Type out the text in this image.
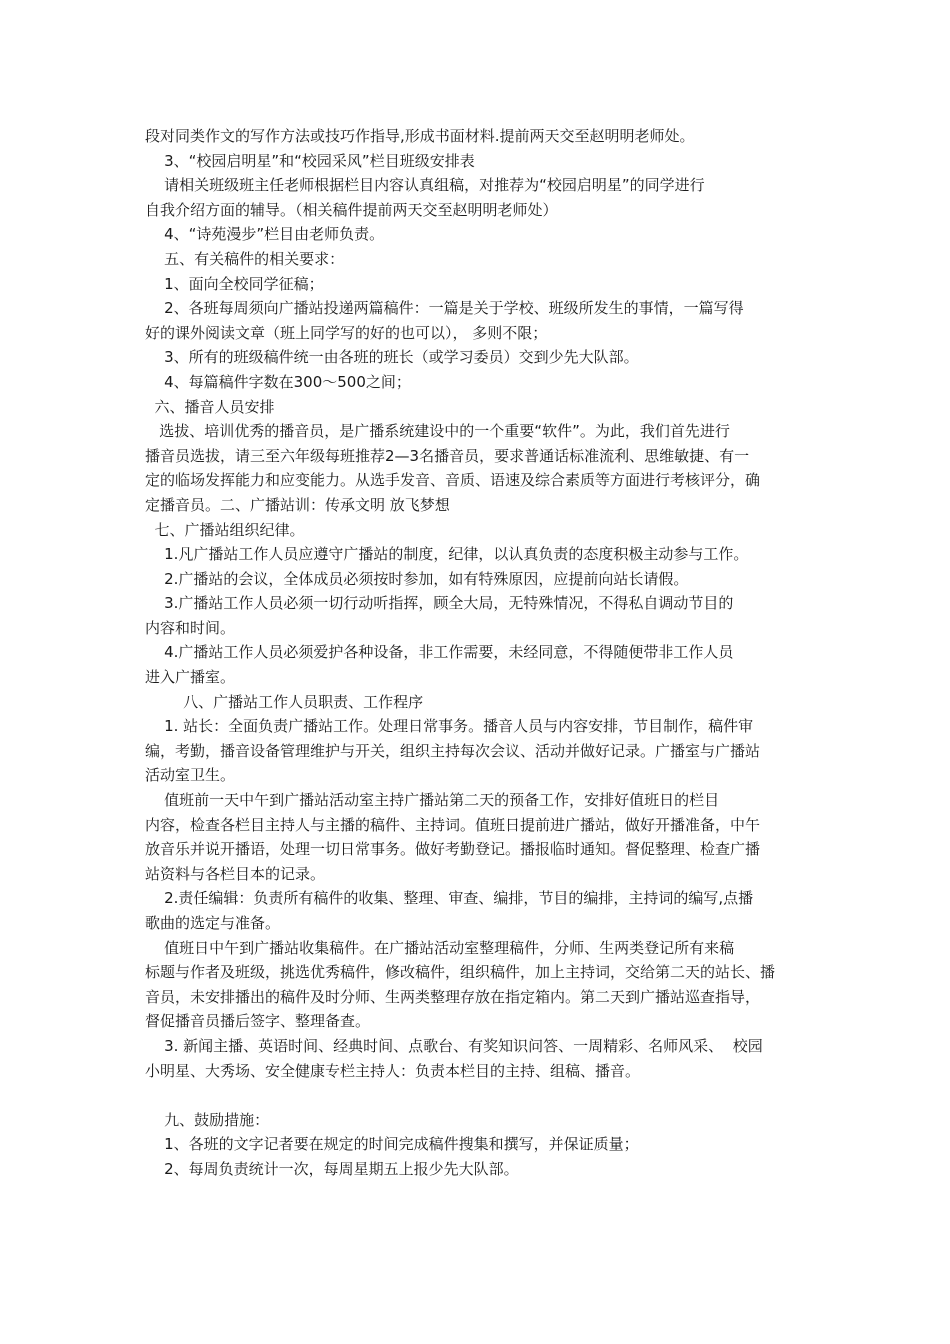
段对同类作文的写作方法或技巧作指导,形成书面材料.提前两天交至赵明明老师处。
3、“校园启明星”和“校园采风”栏目班级安排表
请相关班级班主任老师根据栏目内容认真组稿，对推荐为“校园启明星”的同学进行
自我介绍方面的辅导。（相关稿件提前两天交至赵明明老师处）
4、“诗苑漫步”栏目由老师负责。
五、有关稿件的相关要求：
1、面向全校同学征稿；
2、各班每周须向广播站投递两篇稿件：一篇是关于学校、班级所发生的事情，一篇写得
好的课外阅读文章（班上同学写的好的也可以）， 多则不限；
3、所有的班级稿件统一由各班的班长（或学习委员）交到少先大队部。
4、每篇稿件字数在300～500之间；
六、播音人员安排
选拔、培训优秀的播音员，是广播系统建设中的一个重要“软件”。为此，我们首先进行
播音员选拔，请三至六年级每班推荐2—3名播音员，要求普通话标准流利、思维敏捷、有一
定的临场发挥能力和应变能力。从选手发音、音质、语速及综合素质等方面进行考核评分，确
定播音员。二、广播站训：传承文明 放飞梦想
七、广播站组织纪律。
1.凡广播站工作人员应遵守广播站的制度，纪律，以认真负责的态度积极主动参与工作。
2.广播站的会议，全体成员必须按时参加，如有特殊原因，应提前向站长请假。
3.广播站工作人员必须一切行动听指挥，顾全大局，无特殊情况，不得私自调动节目的
内容和时间。
4.广播站工作人员必须爱护各种设备，非工作需要，未经同意，不得随便带非工作人员
进入广播室。
八、广播站工作人员职责、工作程序
1. 站长：全面负责广播站工作。处理日常事务。播音人员与内容安排，节目制作，稿件审
编，考勤，播音设备管理维护与开关，组织主持每次会议、活动并做好记录。广播室与广播站
活动室卫生。
值班前一天中午到广播站活动室主持广播站第二天的预备工作，安排好值班日的栏目
内容，检查各栏目主持人与主播的稿件、主持词。值班日提前进广播站，做好开播准备，中午
放音乐并说开播语，处理一切日常事务。做好考勤登记。播报临时通知。督促整理、检查广播
站资料与各栏目本的记录。
2.责任编辑：负责所有稿件的收集、整理、审查、编排，节目的编排，主持词的编写,点播
歌曲的选定与准备。
值班日中午到广播站收集稿件。在广播站活动室整理稿件，分师、生两类登记所有来稿
标题与作者及班级，挑选优秀稿件，修改稿件，组织稿件，加上主持词，交给第二天的站长、播
音员，未安排播出的稿件及时分师、生两类整理存放在指定箱内。第二天到广播站巡查指导，
督促播音员播后签字、整理备查。
3. 新闻主播、英语时间、经典时间、点歌台、有奖知识问答、一周精彩、名师风采、  校园
小明星、大秀场、安全健康专栏主持人：负责本栏目的主持、组稿、播音。
九、鼓励措施：
1、各班的文字记者要在规定的时间完成稿件搜集和撰写，并保证质量；
2、每周负责统计一次，每周星期五上报少先大队部。
